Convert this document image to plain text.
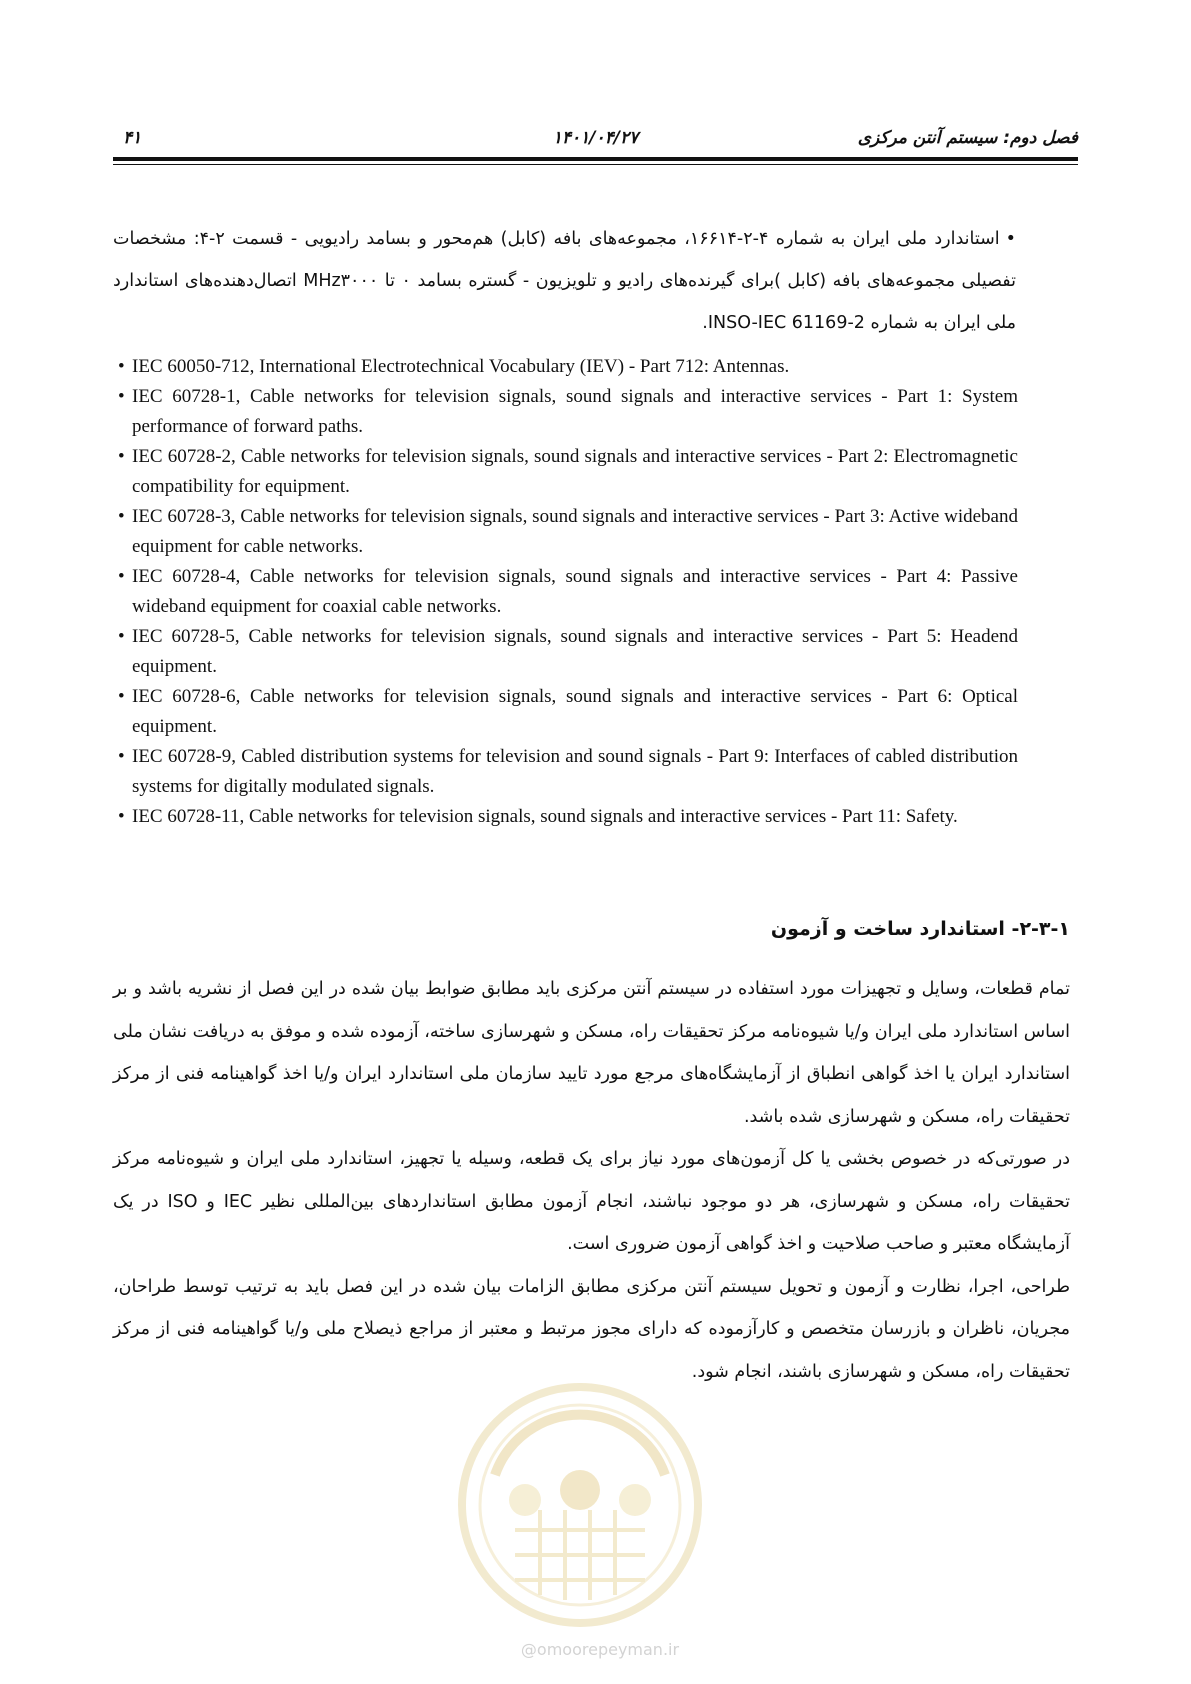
۴۱	۱۴۰۱/۰۴/۲۷	فصل دوم: سیستم آنتن مرکزی
•استاندارد ملی ایران به شماره ۴-۲-۱۶۶۱۴، مجموعه‌های بافه (کابل) هم‌محور و بسامد رادیویی - قسمت ۲-۴: مشخصات تفصیلی مجموعه‌های بافه (کابل )برای گیرنده‌های رادیو و تلویزیون - گستره بسامد ۰ تا MHz۳۰۰۰ اتصال‌دهنده‌های استاندارد ملی ایران به شماره INSO-IEC 61169-2.
• IEC 60050-712, International Electrotechnical Vocabulary (IEV) - Part 712: Antennas.
• IEC 60728-1, Cable networks for television signals, sound signals and interactive services - Part 1: System performance of forward paths.
• IEC 60728-2, Cable networks for television signals, sound signals and interactive services - Part 2: Electromagnetic compatibility for equipment.
• IEC 60728-3, Cable networks for television signals, sound signals and interactive services - Part 3: Active wideband equipment for cable networks.
• IEC 60728-4, Cable networks for television signals, sound signals and interactive services - Part 4: Passive wideband equipment for coaxial cable networks.
• IEC 60728-5, Cable networks for television signals, sound signals and interactive services - Part 5: Headend equipment.
• IEC 60728-6, Cable networks for television signals, sound signals and interactive services - Part 6: Optical equipment.
• IEC 60728-9, Cabled distribution systems for television and sound signals - Part 9: Interfaces of cabled distribution systems for digitally modulated signals.
• IEC 60728-11, Cable networks for television signals, sound signals and interactive services - Part 11: Safety.
۲-۳-۱- استاندارد ساخت و آزمون

تمام قطعات، وسایل و تجهیزات مورد استفاده در سیستم آنتن مرکزی باید مطابق ضوابط بیان شده در این فصل از نشریه باشد و بر اساس استاندارد ملی ایران و/یا شیوه‌نامه مرکز تحقیقات راه، مسکن و شهرسازی ساخته، آزموده شده و موفق به دریافت نشان ملی استاندارد ایران یا اخذ گواهی انطباق از آزمایشگاه‌های مرجع مورد تایید سازمان ملی استاندارد ایران و/یا اخذ گواهینامه فنی از مرکز تحقیقات راه، مسکن و شهرسازی شده باشد.

در صورتی‌که در خصوص بخشی یا کل آزمون‌های مورد نیاز برای یک قطعه، وسیله یا تجهیز، استاندارد ملی ایران و شیوه‌نامه مرکز تحقیقات راه، مسکن و شهرسازی، هر دو موجود نباشند، انجام آزمون مطابق استانداردهای بین‌المللی نظیر IEC و ISO در یک آزمایشگاه معتبر و صاحب صلاحیت و اخذ گواهی آزمون ضروری است.

طراحی، اجرا، نظارت و آزمون و تحویل سیستم آنتن مرکزی مطابق الزامات بیان شده در این فصل باید به ترتیب توسط طراحان، مجریان، ناظران و بازرسان متخصص و کارآزموده که دارای مجوز مرتبط و معتبر از مراجع ذیصلاح ملی و/یا گواهینامه فنی از مرکز تحقیقات راه، مسکن و شهرسازی باشند، انجام شود.

@omoorepeyman.ir
